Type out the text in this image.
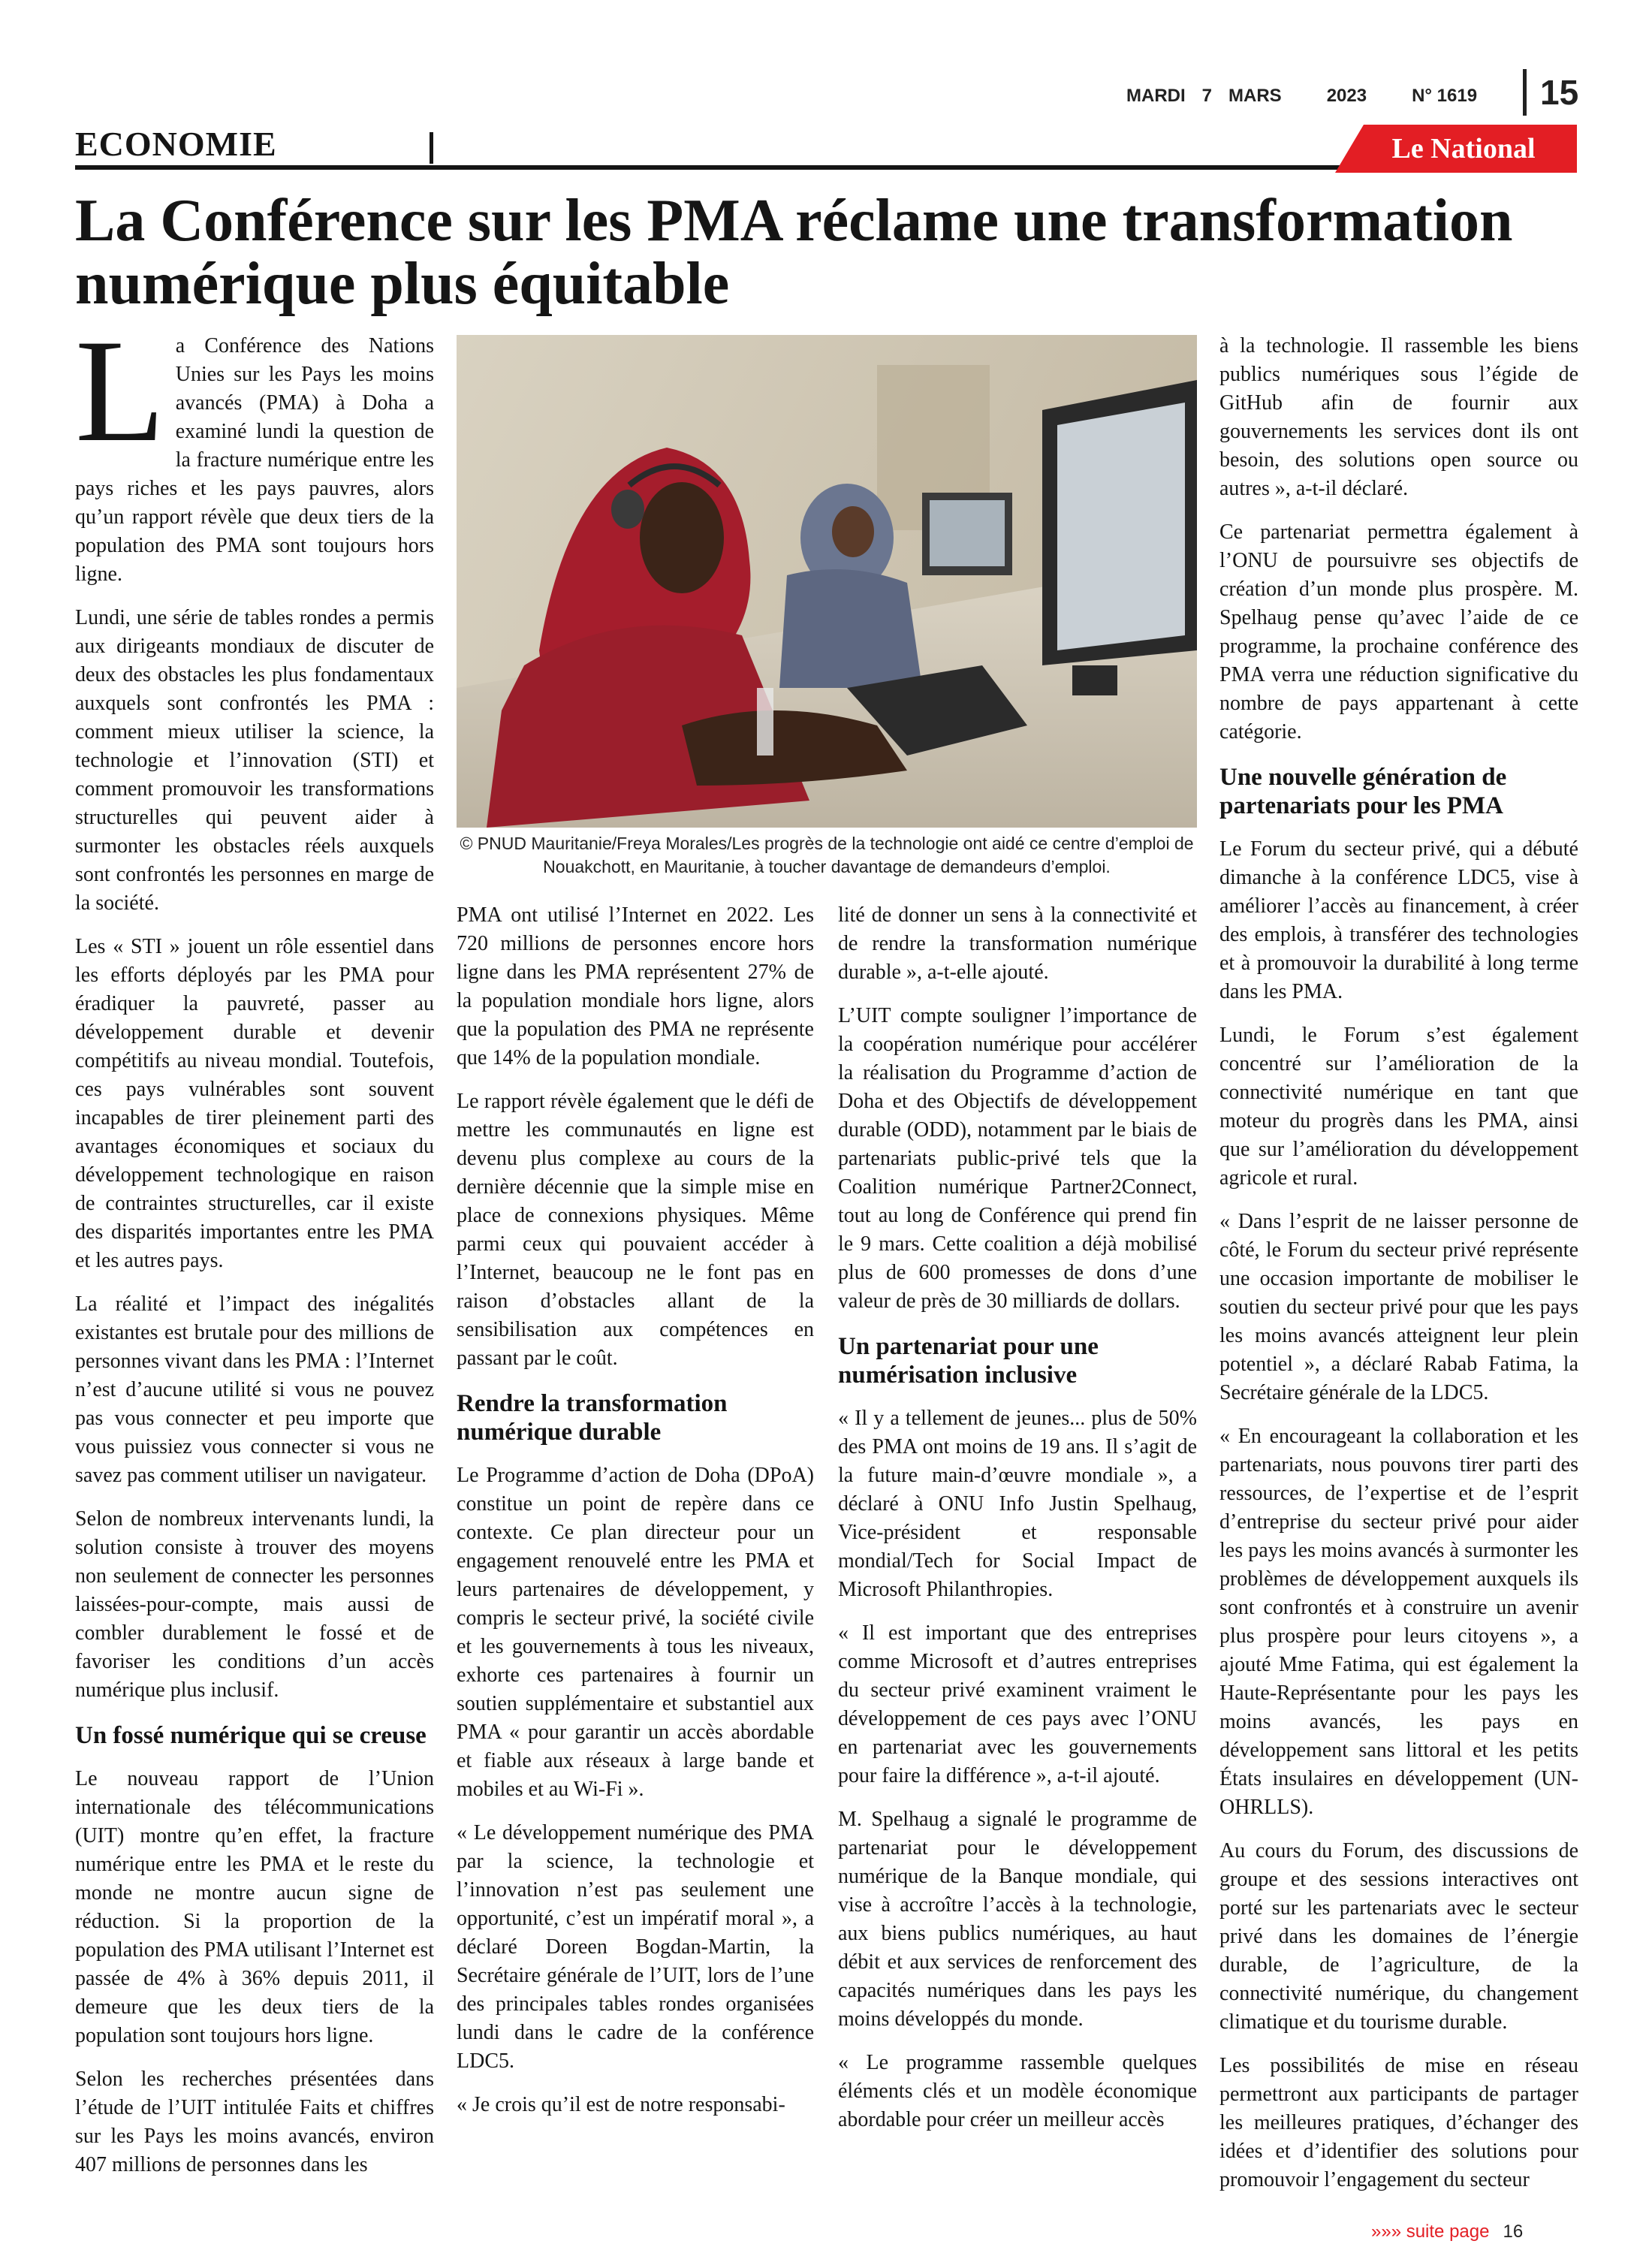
MARDI 7 MARS	2023	N° 1619	15
ECONOMIE	Le National
La Conférence sur les PMA réclame une transformation numérique plus équitable

La Conférence des Nations Unies sur les Pays les moins avancés (PMA) à Doha a examiné lundi la question de la fracture numérique entre les pays riches et les pays pauvres, alors qu’un rapport révèle que deux tiers de la population des PMA sont toujours hors ligne.

Lundi, une série de tables rondes a permis aux dirigeants mondiaux de discuter de deux des obstacles les plus fondamentaux auxquels sont confrontés les PMA : comment mieux utiliser la science, la technologie et l’innovation (STI) et comment promouvoir les transformations structurelles qui peuvent aider à surmonter les obstacles réels auxquels sont confrontés les personnes en marge de la société.

Les « STI » jouent un rôle essentiel dans les efforts déployés par les PMA pour éradiquer la pauvreté, passer au développement durable et devenir compétitifs au niveau mondial. Toutefois, ces pays vulnérables sont souvent incapables de tirer pleinement parti des avantages économiques et sociaux du développement technologique en raison de contraintes structurelles, car il existe des disparités importantes entre les PMA et les autres pays.

La réalité et l’impact des inégalités existantes est brutale pour des millions de personnes vivant dans les PMA : l’Internet n’est d’aucune utilité si vous ne pouvez pas vous connecter et peu importe que vous puissiez vous connecter si vous ne savez pas comment utiliser un navigateur.

Selon de nombreux intervenants lundi, la solution consiste à trouver des moyens non seulement de connecter les personnes laissées-pour-compte, mais aussi de combler durablement le fossé et de favoriser les conditions d’un accès numérique plus inclusif.

Un fossé numérique qui se creuse

Le nouveau rapport de l’Union internationale des télécommunications (UIT) montre qu’en effet, la fracture numérique entre les PMA et le reste du monde ne montre aucun signe de réduction. Si la proportion de la population des PMA utilisant l’Internet est passée de 4% à 36% depuis 2011, il demeure que les deux tiers de la population sont toujours hors ligne.

Selon les recherches présentées dans l’étude de l’UIT intitulée Faits et chiffres sur les Pays les moins avancés, environ 407 millions de personnes dans les

© PNUD Mauritanie/Freya Morales/Les progrès de la technologie ont aidé ce centre d’emploi de Nouakchott, en Mauritanie, à toucher davantage de demandeurs d’emploi.

PMA ont utilisé l’Internet en 2022. Les 720 millions de personnes encore hors ligne dans les PMA représentent 27% de la population mondiale hors ligne, alors que la population des PMA ne représente que 14% de la population mondiale.

Le rapport révèle également que le défi de mettre les communautés en ligne est devenu plus complexe au cours de la dernière décennie que la simple mise en place de connexions physiques. Même parmi ceux qui pouvaient accéder à l’Internet, beaucoup ne le font pas en raison d’obstacles allant de la sensibilisation aux compétences en passant par le coût.

Rendre la transformation numérique durable

Le Programme d’action de Doha (DPoA) constitue un point de repère dans ce contexte. Ce plan directeur pour un engagement renouvelé entre les PMA et leurs partenaires de développement, y compris le secteur privé, la société civile et les gouvernements à tous les niveaux, exhorte ces partenaires à fournir un soutien supplémentaire et substantiel aux PMA « pour garantir un accès abordable et fiable aux réseaux à large bande et mobiles et au Wi-Fi ».

« Le développement numérique des PMA par la science, la technologie et l’innovation n’est pas seulement une opportunité, c’est un impératif moral », a déclaré Doreen Bogdan-Martin, la Secrétaire générale de l’UIT, lors de l’une des principales tables rondes organisées lundi dans le cadre de la conférence LDC5.

« Je crois qu’il est de notre responsabi-

lité de donner un sens à la connectivité et de rendre la transformation numérique durable », a-t-elle ajouté.

L’UIT compte souligner l’importance de la coopération numérique pour accélérer la réalisation du Programme d’action de Doha et des Objectifs de développement durable (ODD), notamment par le biais de partenariats public-privé tels que la Coalition numérique Partner2Connect, tout au long de Conférence qui prend fin le 9 mars. Cette coalition a déjà mobilisé plus de 600 promesses de dons d’une valeur de près de 30 milliards de dollars.

Un partenariat pour une numérisation inclusive

« Il y a tellement de jeunes... plus de 50% des PMA ont moins de 19 ans. Il s’agit de la future main-d’œuvre mondiale », a déclaré à ONU Info Justin Spelhaug, Vice-président et responsable mondial/Tech for Social Impact de Microsoft Philanthropies.

« Il est important que des entreprises comme Microsoft et d’autres entreprises du secteur privé examinent vraiment le développement de ces pays avec l’ONU en partenariat avec les gouvernements pour faire la différence », a-t-il ajouté.

M. Spelhaug a signalé le programme de partenariat pour le développement numérique de la Banque mondiale, qui vise à accroître l’accès à la technologie, aux biens publics numériques, au haut débit et aux services de renforcement des capacités numériques dans les pays les moins développés du monde.

« Le programme rassemble quelques éléments clés et un modèle économique abordable pour créer un meilleur accès

à la technologie. Il rassemble les biens publics numériques sous l’égide de GitHub afin de fournir aux gouvernements les services dont ils ont besoin, des solutions open source ou autres », a-t-il déclaré.

Ce partenariat permettra également à l’ONU de poursuivre ses objectifs de création d’un monde plus prospère. M. Spelhaug pense qu’avec l’aide de ce programme, la prochaine conférence des PMA verra une réduction significative du nombre de pays appartenant à cette catégorie.

Une nouvelle génération de partenariats pour les PMA

Le Forum du secteur privé, qui a débuté dimanche à la conférence LDC5, vise à améliorer l’accès au financement, à créer des emplois, à transférer des technologies et à promouvoir la durabilité à long terme dans les PMA.

Lundi, le Forum s’est également concentré sur l’amélioration de la connectivité numérique en tant que moteur du progrès dans les PMA, ainsi que sur l’amélioration du développement agricole et rural.

« Dans l’esprit de ne laisser personne de côté, le Forum du secteur privé représente une occasion importante de mobiliser le soutien du secteur privé pour que les pays les moins avancés atteignent leur plein potentiel », a déclaré Rabab Fatima, la Secrétaire générale de la LDC5.

« En encourageant la collaboration et les partenariats, nous pouvons tirer parti des ressources, de l’expertise et de l’esprit d’entreprise du secteur privé pour aider les pays les moins avancés à surmonter les problèmes de développement auxquels ils sont confrontés et à construire un avenir plus prospère pour leurs citoyens », a ajouté Mme Fatima, qui est également la Haute-Représentante pour les pays les moins avancés, les pays en développement sans littoral et les petits États insulaires en développement (UN-OHRLLS).

Au cours du Forum, des discussions de groupe et des sessions interactives ont porté sur les partenariats avec le secteur privé dans les domaines de l’énergie durable, de l’agriculture, de la connectivité numérique, du changement climatique et du tourisme durable.

Les possibilités de mise en réseau permettront aux participants de partager les meilleures pratiques, d’échanger des idées et d’identifier des solutions pour promouvoir l’engagement du secteur

»»» suite page 16
